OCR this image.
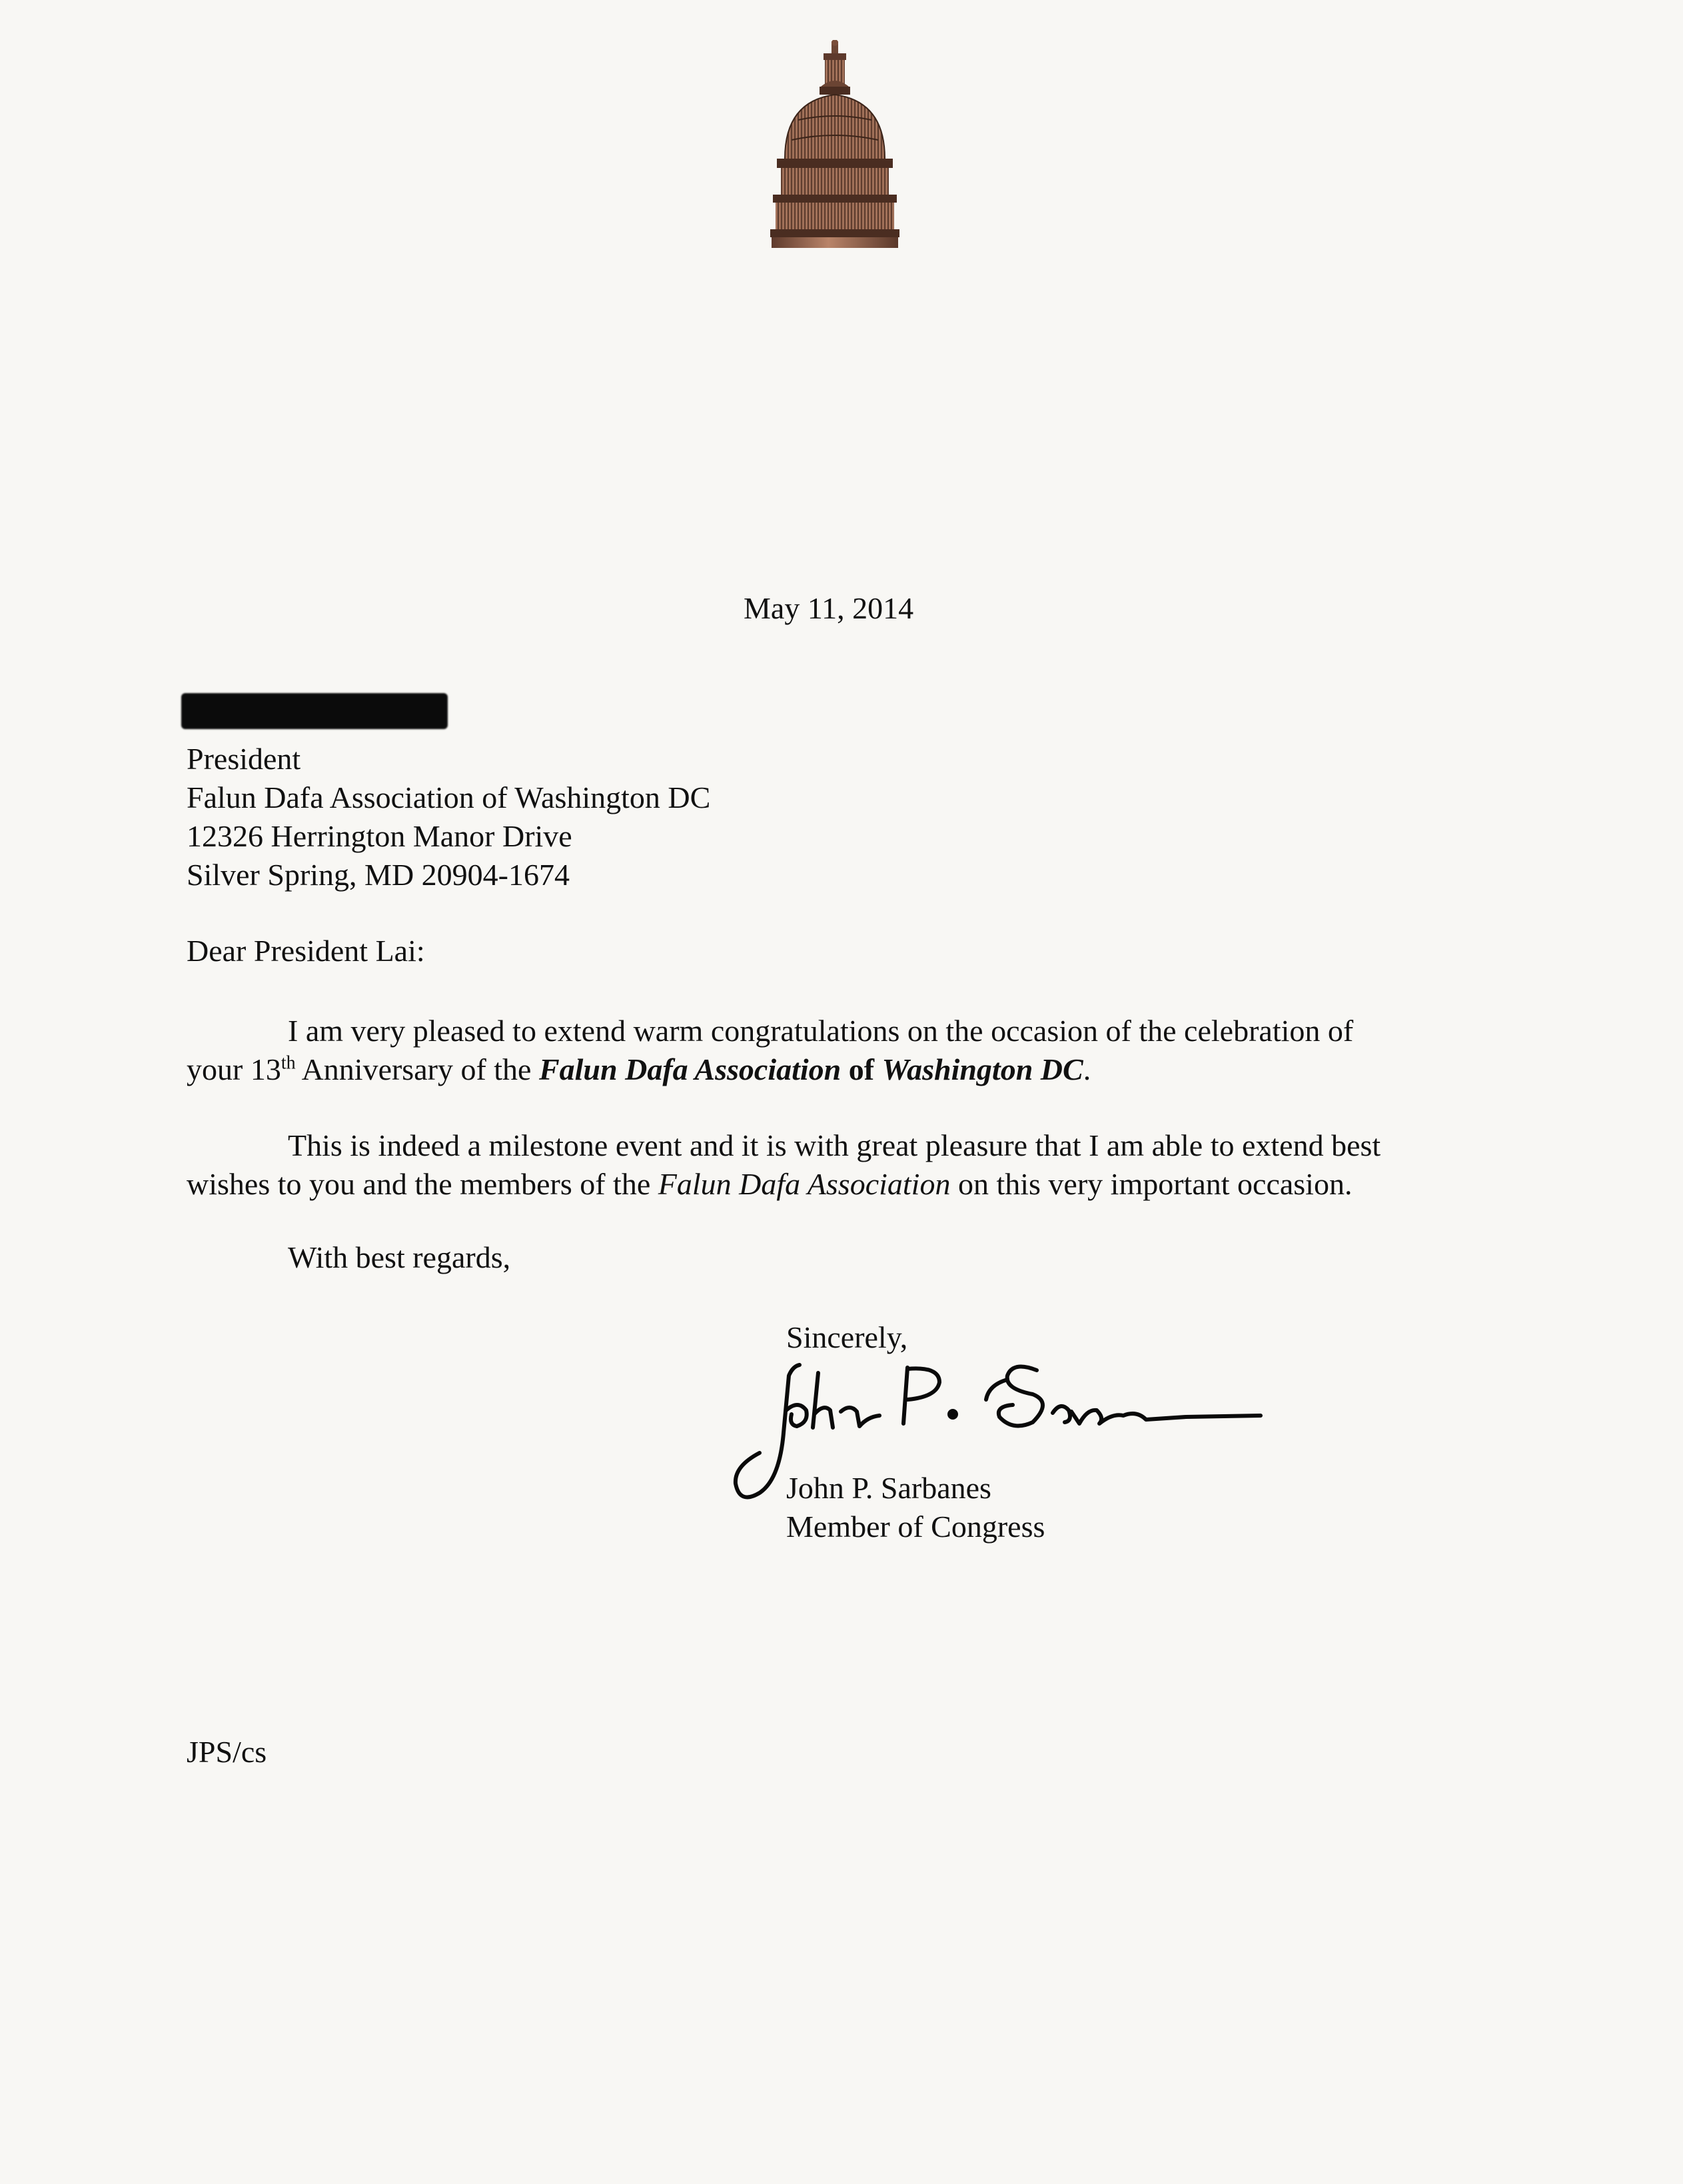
May 11, 2014
President
Falun Dafa Association of Washington DC
12326 Herrington Manor Drive
Silver Spring, MD 20904-1674
Dear President Lai:
I am very pleased to extend warm congratulations on the occasion of the celebration of
your 13th Anniversary of the Falun Dafa Association of Washington DC.
This is indeed a milestone event and it is with great pleasure that I am able to extend best
wishes to you and the members of the Falun Dafa Association on this very important occasion.
With best regards,
Sincerely,
John P. Sarbanes
Member of Congress
JPS/cs
